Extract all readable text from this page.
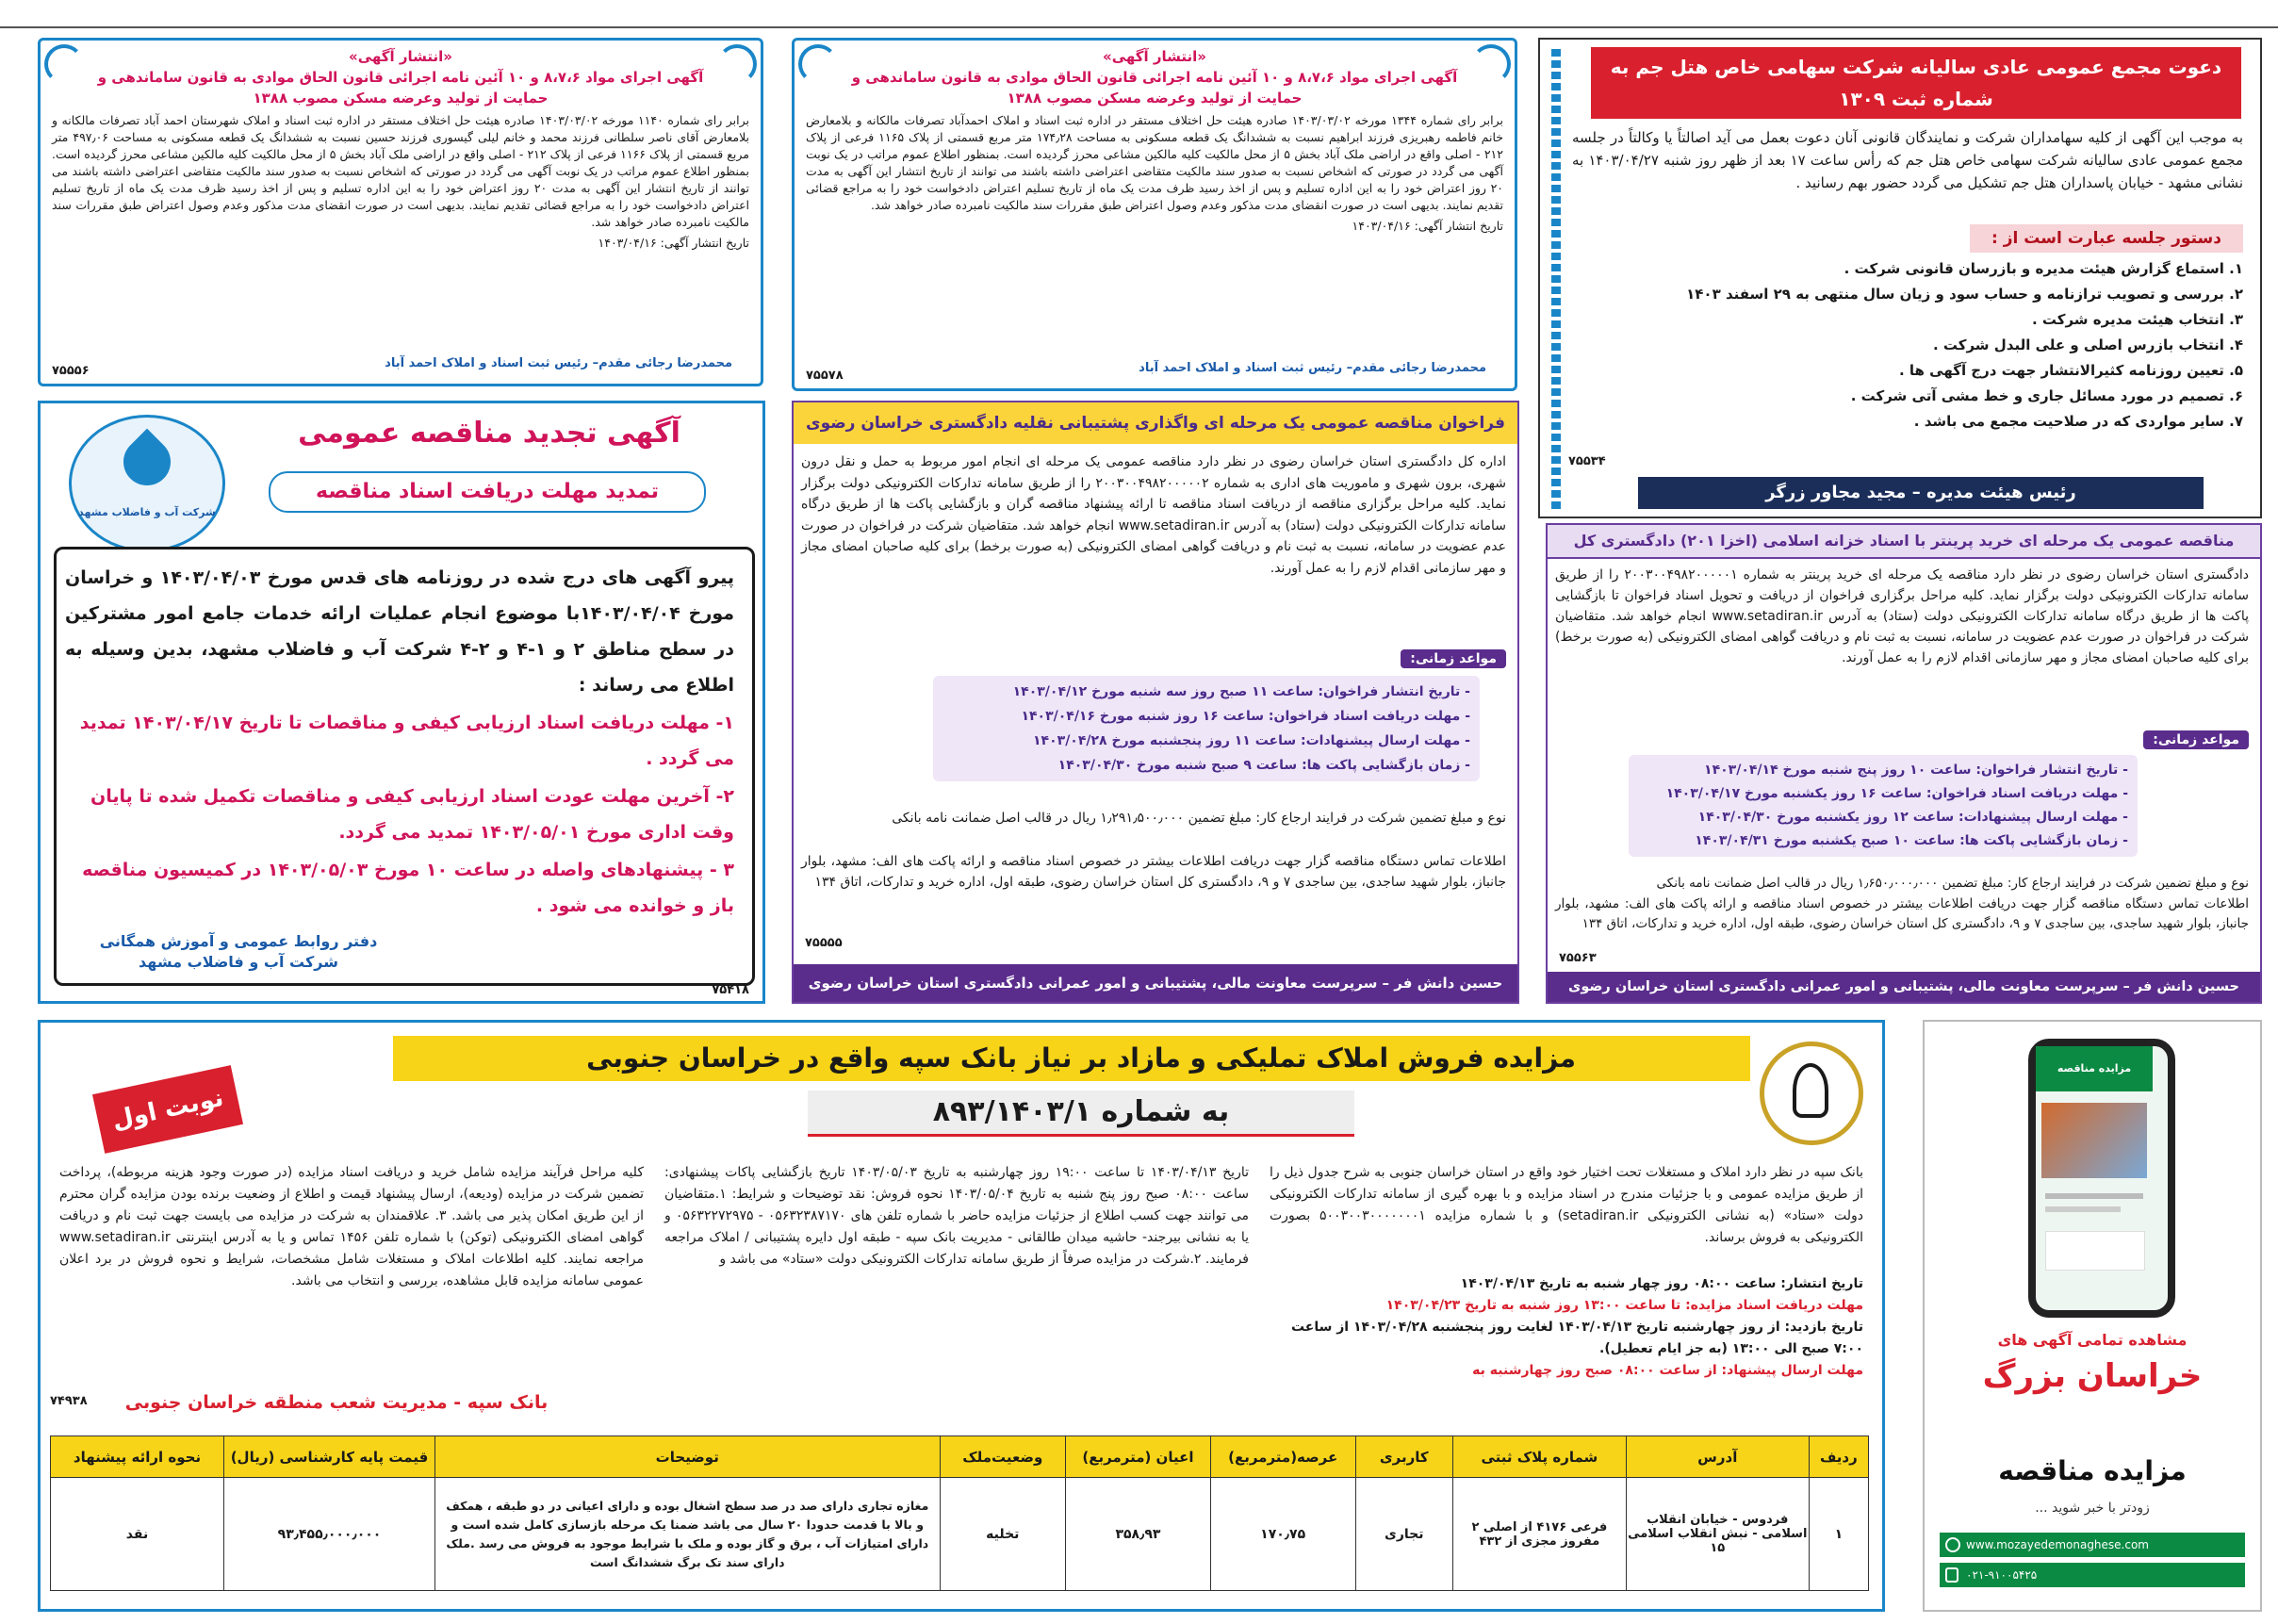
دعوت مجمع عمومی عادی سالیانه شرکت سهامی خاص هتل جم به شماره ثبت ۱۳۰۹

به موجب این آگهی از کلیه سهامداران شرکت و نمایندگان قانونی آنان دعوت بعمل می آید اصالتاً یا وکالتاً در جلسه مجمع عمومی عادی سالیانه شرکت سهامی خاص هتل جم که رأس ساعت ۱۷ بعد از ظهر روز شنبه ۱۴۰۳/۰۴/۲۷ به نشانی مشهد - خیابان پاسداران هتل جم تشکیل می گردد حضور بهم رسانید .

دستور جلسه عبارت است از :
۱. استماع گزارش هیئت مدیره و بازرسان قانونی شرکت .
۲. بررسی و تصویب ترازنامه و حساب سود و زیان سال منتهی به ۲۹ اسفند ۱۴۰۳
۳. انتخاب هیئت مدیره شرکت .
۴. انتخاب بازرس اصلی و علی البدل شرکت .
۵. تعیین روزنامه کثیرالانتشار جهت درج آگهی ها .
۶. تصمیم در مورد مسائل جاری و خط مشی آتی شرکت .
۷. سایر مواردی که در صلاحیت مجمع می باشد .
۷۵۵۳۴
رئیس هیئت مدیره – مجید مجاور زرگر
مناقصه عمومی یک مرحله ای خرید پرینتر با اسناد خزانه اسلامی (اخزا ۲۰۱) دادگستری کل

دادگستری استان خراسان رضوی در نظر دارد مناقصه یک مرحله ای خرید پرینتر به شماره ۲۰۰۳۰۰۴۹۸۲۰۰۰۰۰۱ را از طریق سامانه تدارکات الکترونیکی دولت برگزار نماید. کلیه مراحل برگزاری فراخوان از دریافت و تحویل اسناد فراخوان تا بازگشایی پاکت ها از طریق درگاه سامانه تدارکات الکترونیکی دولت (ستاد) به آدرس www.setadiran.ir انجام خواهد شد. متقاضیان شرکت در فراخوان در صورت عدم عضویت در سامانه، نسبت به ثبت نام و دریافت گواهی امضای الکترونیکی (به صورت برخط) برای کلیه صاحبان امضای مجاز و مهر سازمانی اقدام لازم را به عمل آورند.

مواعد زمانی:
- تاریخ انتشار فراخوان: ساعت ۱۰ روز پنج شنبه مورخ ۱۴۰۳/۰۴/۱۴
- مهلت دریافت اسناد فراخوان: ساعت ۱۶ روز یکشنبه مورخ ۱۴۰۳/۰۴/۱۷
- مهلت ارسال پیشنهادات: ساعت ۱۲ روز یکشنبه مورخ ۱۴۰۳/۰۴/۳۰
- زمان بازگشایی پاکت ها: ساعت ۱۰ صبح یکشنبه مورخ ۱۴۰۳/۰۴/۳۱

نوع و مبلغ تضمین شرکت در فرایند ارجاع کار: مبلغ تضمین ۱٫۶۵۰٫۰۰۰٫۰۰۰ ریال در قالب اصل ضمانت نامه بانکی

اطلاعات تماس دستگاه مناقصه گزار جهت دریافت اطلاعات بیشتر در خصوص اسناد مناقصه و ارائه پاکت های الف: مشهد، بلوار جانباز، بلوار شهید ساجدی، بین ساجدی ۷ و ۹، دادگستری کل استان خراسان رضوی، طبقه اول، اداره خرید و تدارکات، اتاق ۱۳۴

۷۵۵۶۳
حسین دانش فر – سرپرست معاونت مالی، پشتیبانی و امور عمرانی دادگستری استان خراسان رضوی
«انتشار آگهی»
آگهی اجرای مواد ۸،۷،۶ و ۱۰ آئین نامه اجرائی قانون الحاق موادی به قانون ساماندهی و حمایت از تولید وعرضه مسکن مصوب ۱۳۸۸

برابر رای شماره ۱۳۴۴ مورخه ۱۴۰۳/۰۳/۰۲ صادره هیئت حل اختلاف مستقر در اداره ثبت اسناد و املاک احمدآباد تصرفات مالکانه و بلامعارض خانم فاطمه رهبریزی فرزند ابراهیم نسبت به ششدانگ یک قطعه مسکونی به مساحت ۱۷۴٫۲۸ متر مربع قسمتی از پلاک ۱۱۶۵ فرعی از پلاک ۲۱۲ - اصلی واقع در اراضی ملک آباد بخش ۵ از محل مالکیت کلیه مالکین مشاعی محرز گردیده است. بمنظور اطلاع عموم مراتب در یک نوبت آگهی می گردد در صورتی که اشخاص نسبت به صدور سند مالکیت متقاضی اعتراضی داشته باشند می توانند از تاریخ انتشار این آگهی به مدت ۲۰ روز اعتراض خود را به این اداره تسلیم و پس از اخذ رسید ظرف مدت یک ماه از تاریخ تسلیم اعتراض دادخواست خود را به مراجع قضائی تقدیم نمایند. بدیهی است در صورت انقضای مدت مذکور وعدم وصول اعتراض طبق مقررات سند مالکیت نامبرده صادر خواهد شد.

تاریخ انتشار آگهی: ۱۴۰۳/۰۴/۱۶

محمدرضا رجائی مقدم– رئیس ثبت اسناد و املاک احمد آباد
۷۵۵۷۸
فراخوان مناقصه عمومی یک مرحله ای واگذاری پشتیبانی نقلیه دادگستری خراسان رضوی

اداره کل دادگستری استان خراسان رضوی در نظر دارد مناقصه عمومی یک مرحله ای انجام امور مربوط به حمل و نقل درون شهری، برون شهری و ماموریت های اداری به شماره ۲۰۰۳۰۰۴۹۸۲۰۰۰۰۰۲ را از طریق سامانه تدارکات الکترونیکی دولت برگزار نماید. کلیه مراحل برگزاری مناقصه از دریافت اسناد مناقصه تا ارائه پیشنهاد مناقصه گران و بازگشایی پاکت ها از طریق درگاه سامانه تدارکات الکترونیکی دولت (ستاد) به آدرس www.setadiran.ir انجام خواهد شد. متقاضیان شرکت در فراخوان در صورت عدم عضویت در سامانه، نسبت به ثبت نام و دریافت گواهی امضای الکترونیکی (به صورت برخط) برای کلیه صاحبان امضای مجاز و مهر سازمانی اقدام لازم را به عمل آورند.

مواعد زمانی:
- تاریخ انتشار فراخوان: ساعت ۱۱ صبح روز سه شنبه مورخ ۱۴۰۳/۰۴/۱۲
- مهلت دریافت اسناد فراخوان: ساعت ۱۶ روز شنبه مورخ ۱۴۰۳/۰۴/۱۶
- مهلت ارسال پیشنهادات: ساعت ۱۱ روز پنجشنبه مورخ ۱۴۰۳/۰۴/۲۸
- زمان بازگشایی پاکت ها: ساعت ۹ صبح شنبه مورخ ۱۴۰۳/۰۴/۳۰

نوع و مبلغ تضمین شرکت در فرایند ارجاع کار: مبلغ تضمین ۱٫۲۹۱٫۵۰۰٫۰۰۰ ریال در قالب اصل ضمانت نامه بانکی

اطلاعات تماس دستگاه مناقصه گزار جهت دریافت اطلاعات بیشتر در خصوص اسناد مناقصه و ارائه پاکت های الف: مشهد، بلوار جانباز، بلوار شهید ساجدی، بین ساجدی ۷ و ۹، دادگستری کل استان خراسان رضوی، طبقه اول، اداره خرید و تدارکات، اتاق ۱۳۴

۷۵۵۵۵
حسین دانش فر – سرپرست معاونت مالی، پشتیبانی و امور عمرانی دادگستری استان خراسان رضوی
«انتشار آگهی»
آگهی اجرای مواد ۸،۷،۶ و ۱۰ آئین نامه اجرائی قانون الحاق موادی به قانون ساماندهی و حمایت از تولید وعرضه مسکن مصوب ۱۳۸۸

برابر رای شماره ۱۱۴۰ مورخه ۱۴۰۳/۰۳/۰۲ صادره هیئت حل اختلاف مستقر در اداره ثبت اسناد و املاک شهرستان احمد آباد تصرفات مالکانه و بلامعارض آقای ناصر سلطانی فرزند محمد و خانم لیلی گیسوری فرزند حسین نسبت به ششدانگ یک قطعه مسکونی به مساحت ۴۹۷٫۰۶ متر مربع قسمتی از پلاک ۱۱۶۶ فرعی از پلاک ۲۱۲ - اصلی واقع در اراضی ملک آباد بخش ۵ از محل مالکیت کلیه مالکین مشاعی محرز گردیده است. بمنظور اطلاع عموم مراتب در یک نوبت آگهی می گردد در صورتی که اشخاص نسبت به صدور سند مالکیت متقاضی اعتراضی داشته باشند می توانند از تاریخ انتشار این آگهی به مدت ۲۰ روز اعتراض خود را به این اداره تسلیم و پس از اخذ رسید ظرف مدت یک ماه از تاریخ تسلیم اعتراض دادخواست خود را به مراجع قضائی تقدیم نمایند. بدیهی است در صورت انقضای مدت مذکور وعدم وصول اعتراض طبق مقررات سند مالکیت نامبرده صادر خواهد شد.

تاریخ انتشار آگهی: ۱۴۰۳/۰۴/۱۶

محمدرضا رجائی مقدم– رئیس ثبت اسناد و املاک احمد آباد
۷۵۵۵۶
شرکت آب و فاضلاب مشهد
آگهی تجدید مناقصه عمومی
تمدید مهلت دریافت اسناد مناقصه

پیرو آگهی های درج شده در روزنامه های قدس مورخ ۱۴۰۳/۰۴/۰۳ و خراسان مورخ ۱۴۰۳/۰۴/۰۴با موضوع انجام عملیات ارائه خدمات جامع امور مشترکین در سطح مناطق ۲ و ۱-۴ و ۲-۴ شرکت آب و فاضلاب مشهد، بدین وسیله به اطلاع می رساند :

۱- مهلت دریافت اسناد ارزیابی کیفی و مناقصات تا تاریخ ۱۴۰۳/۰۴/۱۷ تمدید می گردد .

۲- آخرین مهلت عودت اسناد ارزیابی کیفی و مناقصات تکمیل شده تا پایان وقت اداری مورخ ۱۴۰۳/۰۵/۰۱ تمدید می گردد.

۳ - پیشنهادهای واصله در ساعت ۱۰ مورخ ۱۴۰۳/۰۵/۰۳ در کمیسیون مناقصه باز و خوانده می شود .

دفتر روابط عمومی و آموزش همگانی
شرکت آب و فاضلاب مشهد
۷۵۴۱۸
مزایده فروش املاک تملیکی و مازاد بر نیاز بانک سپه واقع در خراسان جنوبی
به شماره ۸۹۳/۱۴۰۳/۱
نوبت اول

بانک سپه در نظر دارد املاک و مستغلات تحت اختیار خود واقع در استان خراسان جنوبی به شرح جدول ذیل را از طریق مزایده عمومی و با جزئیات مندرج در اسناد مزایده و با بهره گیری از سامانه تدارکات الکترونیکی دولت «ستاد» (به نشانی الکترونیکی setadiran.ir) و با شماره مزایده ۵۰۰۳۰۰۳۰۰۰۰۰۰۰۱ بصورت الکترونیکی به فروش برساند.

تاریخ انتشار: ساعت ۰۸:۰۰ روز چهار شنبه به تاریخ ۱۴۰۳/۰۴/۱۳
مهلت دریافت اسناد مزایده: تا ساعت ۱۳:۰۰ روز شنبه به تاریخ ۱۴۰۳/۰۴/۲۳
تاریخ بازدید: از روز چهارشنبه تاریخ ۱۴۰۳/۰۴/۱۳ لغایت روز پنجشنبه ۱۴۰۳/۰۴/۲۸ از ساعت ۷:۰۰ صبح الی ۱۳:۰۰ (به جز ایام تعطیل).
مهلت ارسال پیشنهاد: از ساعت ۰۸:۰۰ صبح روز چهارشنبه به

تاریخ ۱۴۰۳/۰۴/۱۳ تا ساعت ۱۹:۰۰ روز چهارشنبه به تاریخ ۱۴۰۳/۰۵/۰۳ تاریخ بازگشایی پاکات پیشنهادی: ساعت ۰۸:۰۰ صبح روز پنج شنبه به تاریخ ۱۴۰۳/۰۵/۰۴ نحوه فروش: نقد توضیحات و شرایط: ۱.متقاضیان می توانند جهت کسب اطلاع از جزئیات مزایده حاضر با شماره تلفن های ۰۵۶۳۲۳۸۷۱۷۰ - ۰۵۶۳۲۲۷۲۹۷۵ و یا به نشانی بیرجند- حاشیه میدان طالقانی - مدیریت بانک سپه - طبقه اول دایره پشتیبانی / املاک مراجعه فرمایند. ۲.شرکت در مزایده صرفاً از طریق سامانه تدارکات الکترونیکی دولت «ستاد» می باشد و

کلیه مراحل فرآیند مزایده شامل خرید و دریافت اسناد مزایده (در صورت وجود هزینه مربوطه)، پرداخت تضمین شرکت در مزایده (ودیعه)، ارسال پیشنهاد قیمت و اطلاع از وضعیت برنده بودن مزایده گران محترم از این طریق امکان پذیر می باشد. ۳. علاقمندان به شرکت در مزایده می بایست جهت ثبت نام و دریافت گواهی امضای الکترونیکی (توکن) با شماره تلفن ۱۴۵۶ تماس و یا به آدرس اینترنتی www.setadiran.ir مراجعه نمایند. کلیه اطلاعات املاک و مستغلات شامل مشخصات، شرایط و نحوه فروش در برد اعلان عمومی سامانه مزایده قابل مشاهده، بررسی و انتخاب می باشد.

بانک سپه - مدیریت شعب منطقه خراسان جنوبی
۷۴۹۳۸
ردیف	آدرس	شماره پلاک ثبتی	کاربری	عرصه(مترمربع)	اعیان (مترمربع)	وضعیت‌ملک	توضیحات	قیمت پایه کارشناسی (ریال)	نحوه ارائه پیشنهاد
۱	فردوس - خیابان انقلاب اسلامی - نبش انقلاب اسلامی ۱۵	فرعی ۴۱۷۶ از اصلی ۲ مفروز مجزی از ۴۳۲	تجاری	۱۷۰٫۷۵	۳۵۸٫۹۳	تخلیه	مغازه تجاری دارای صد در صد سطح اشغال بوده و دارای اعیانی در دو طبقه ، همکف و بالا با قدمت حدودا ۲۰ سال می باشد ضمنا یک مرحله بازسازی کامل شده است و دارای امتیازات آب ، برق و گاز بوده و ملک با شرایط موجود به فروش می رسد .ملک دارای سند تک برگ ششدانگ است	۹۳٫۴۵۵٫۰۰۰٫۰۰۰	نقد
مزایده مناقصه
مشاهده تمامی آگهی های
خراسان بزرگ
مزایده مناقصه
زودتر با خبر شوید ...
www.mozayedemonaghese.com
۰۲۱-۹۱۰۰۵۴۲۵
